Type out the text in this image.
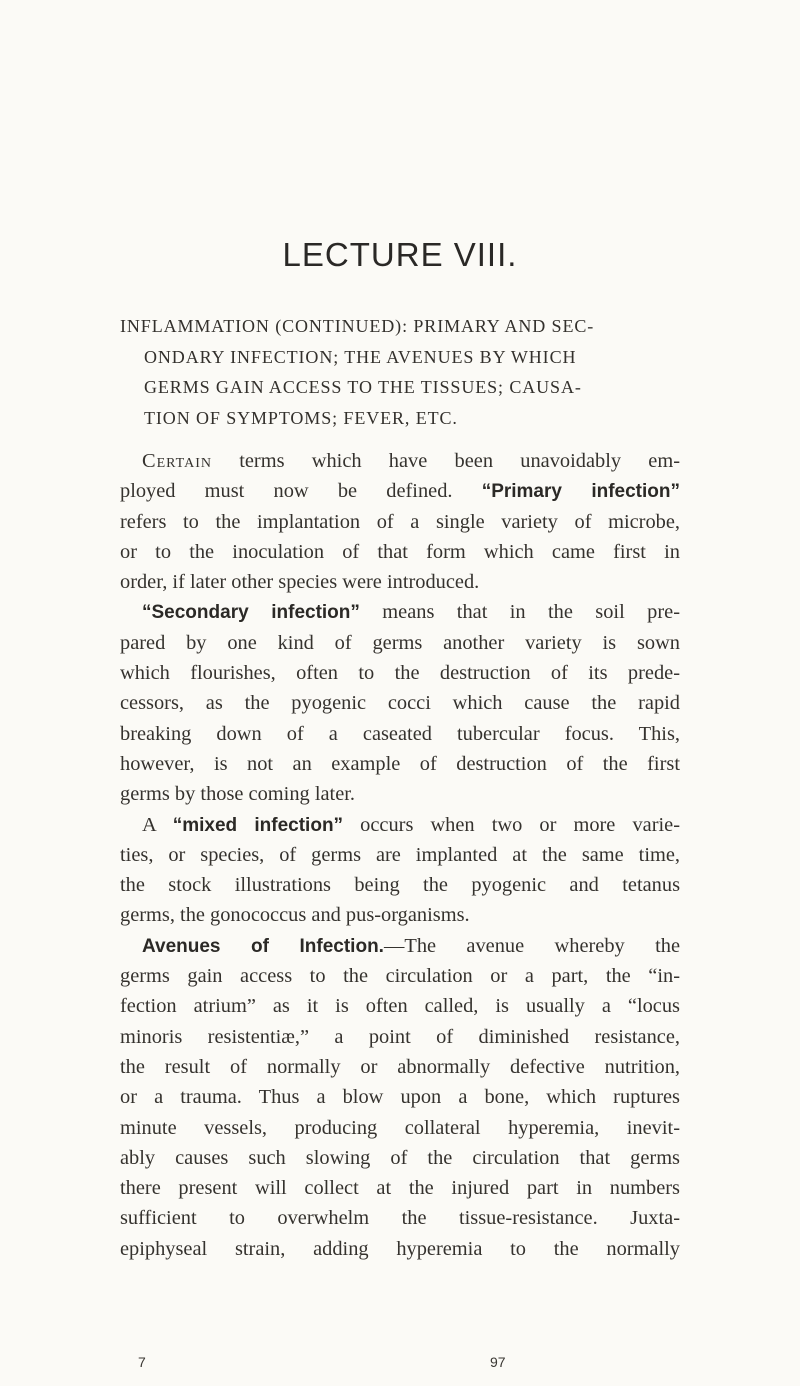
LECTURE VIII.
INFLAMMATION (CONTINUED): PRIMARY AND SEC-
ONDARY INFECTION; THE AVENUES BY WHICH
GERMS GAIN ACCESS TO THE TISSUES; CAUSA-
TION OF SYMPTOMS; FEVER, ETC.
Certain terms which have been unavoidably em-
ployed must now be defined. “Primary infection”
refers to the implantation of a single variety of microbe,
or to the inoculation of that form which came first in
order, if later other species were introduced.
“Secondary infection” means that in the soil pre-
pared by one kind of germs another variety is sown
which flourishes, often to the destruction of its prede-
cessors, as the pyogenic cocci which cause the rapid
breaking down of a caseated tubercular focus. This,
however, is not an example of destruction of the first
germs by those coming later.
A “mixed infection” occurs when two or more varie-
ties, or species, of germs are implanted at the same time,
the stock illustrations being the pyogenic and tetanus
germs, the gonococcus and pus-organisms.
Avenues of Infection.—The avenue whereby the
germs gain access to the circulation or a part, the “in-
fection atrium” as it is often called, is usually a “locus
minoris resistentiæ,” a point of diminished resistance,
the result of normally or abnormally defective nutrition,
or a trauma. Thus a blow upon a bone, which ruptures
minute vessels, producing collateral hyperemia, inevit-
ably causes such slowing of the circulation that germs
there present will collect at the injured part in numbers
sufficient to overwhelm the tissue-resistance. Juxta-
epiphyseal strain, adding hyperemia to the normally
7	97
